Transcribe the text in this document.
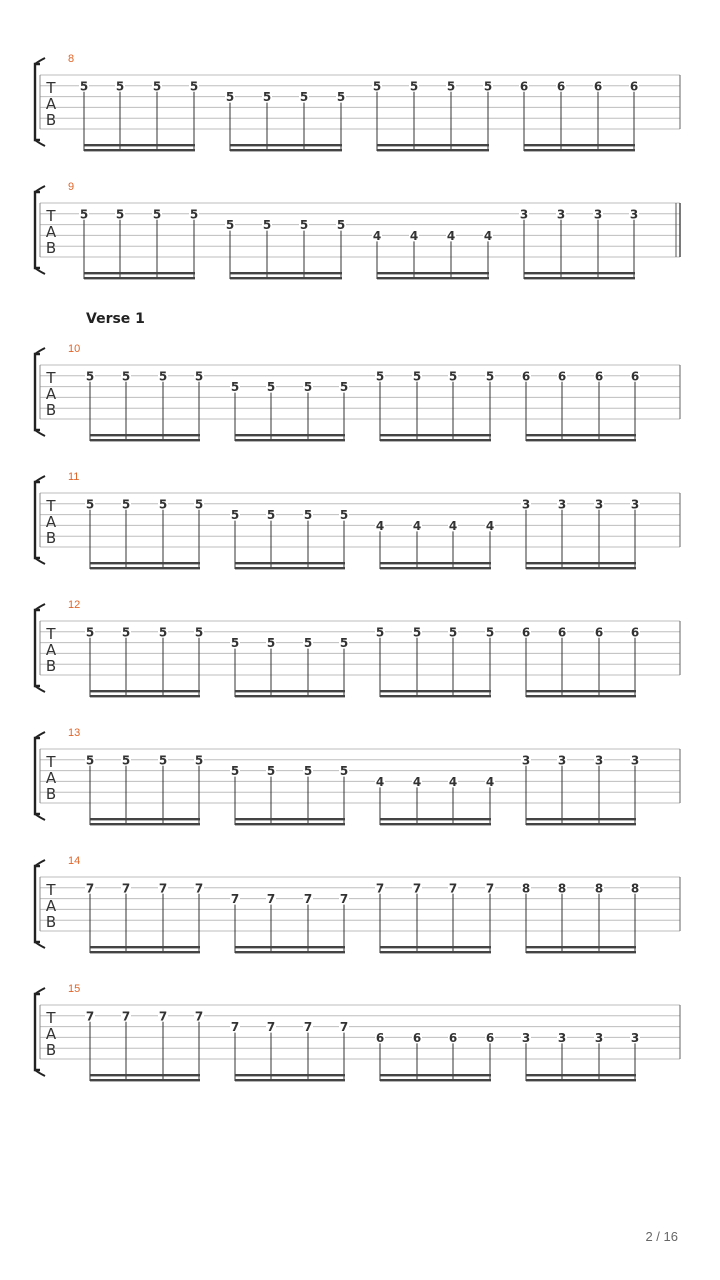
8
T
A
B
5 5 5 5
5 5 5 5
5 5 5 5 6 6 6 6
9
T
A
B
5 5 5 5
5 5 5 5
4 4 4 4
3 3 3 3
10
Verse 1
T
A
B
5 5 5 5
5 5 5 5
5 5 5 5 6 6 6 6
11
T
A
B
5 5 5 5
5 5 5 5
4 4 4 4
3 3 3 3
12
T
A
B
5 5 5 5
5 5 5 5
5 5 5 5 6 6 6 6
13
T
A
B
5 5 5 5
5 5 5 5
4 4 4 4
3 3 3 3
14
T
A
B
7 7 7 7
7 7 7 7
7 7 7 7 8 8 8 8
15
T
A
B
7 7 7 7
7 7 7 7
6 6 6 6 3 3 3 3
2 / 16
